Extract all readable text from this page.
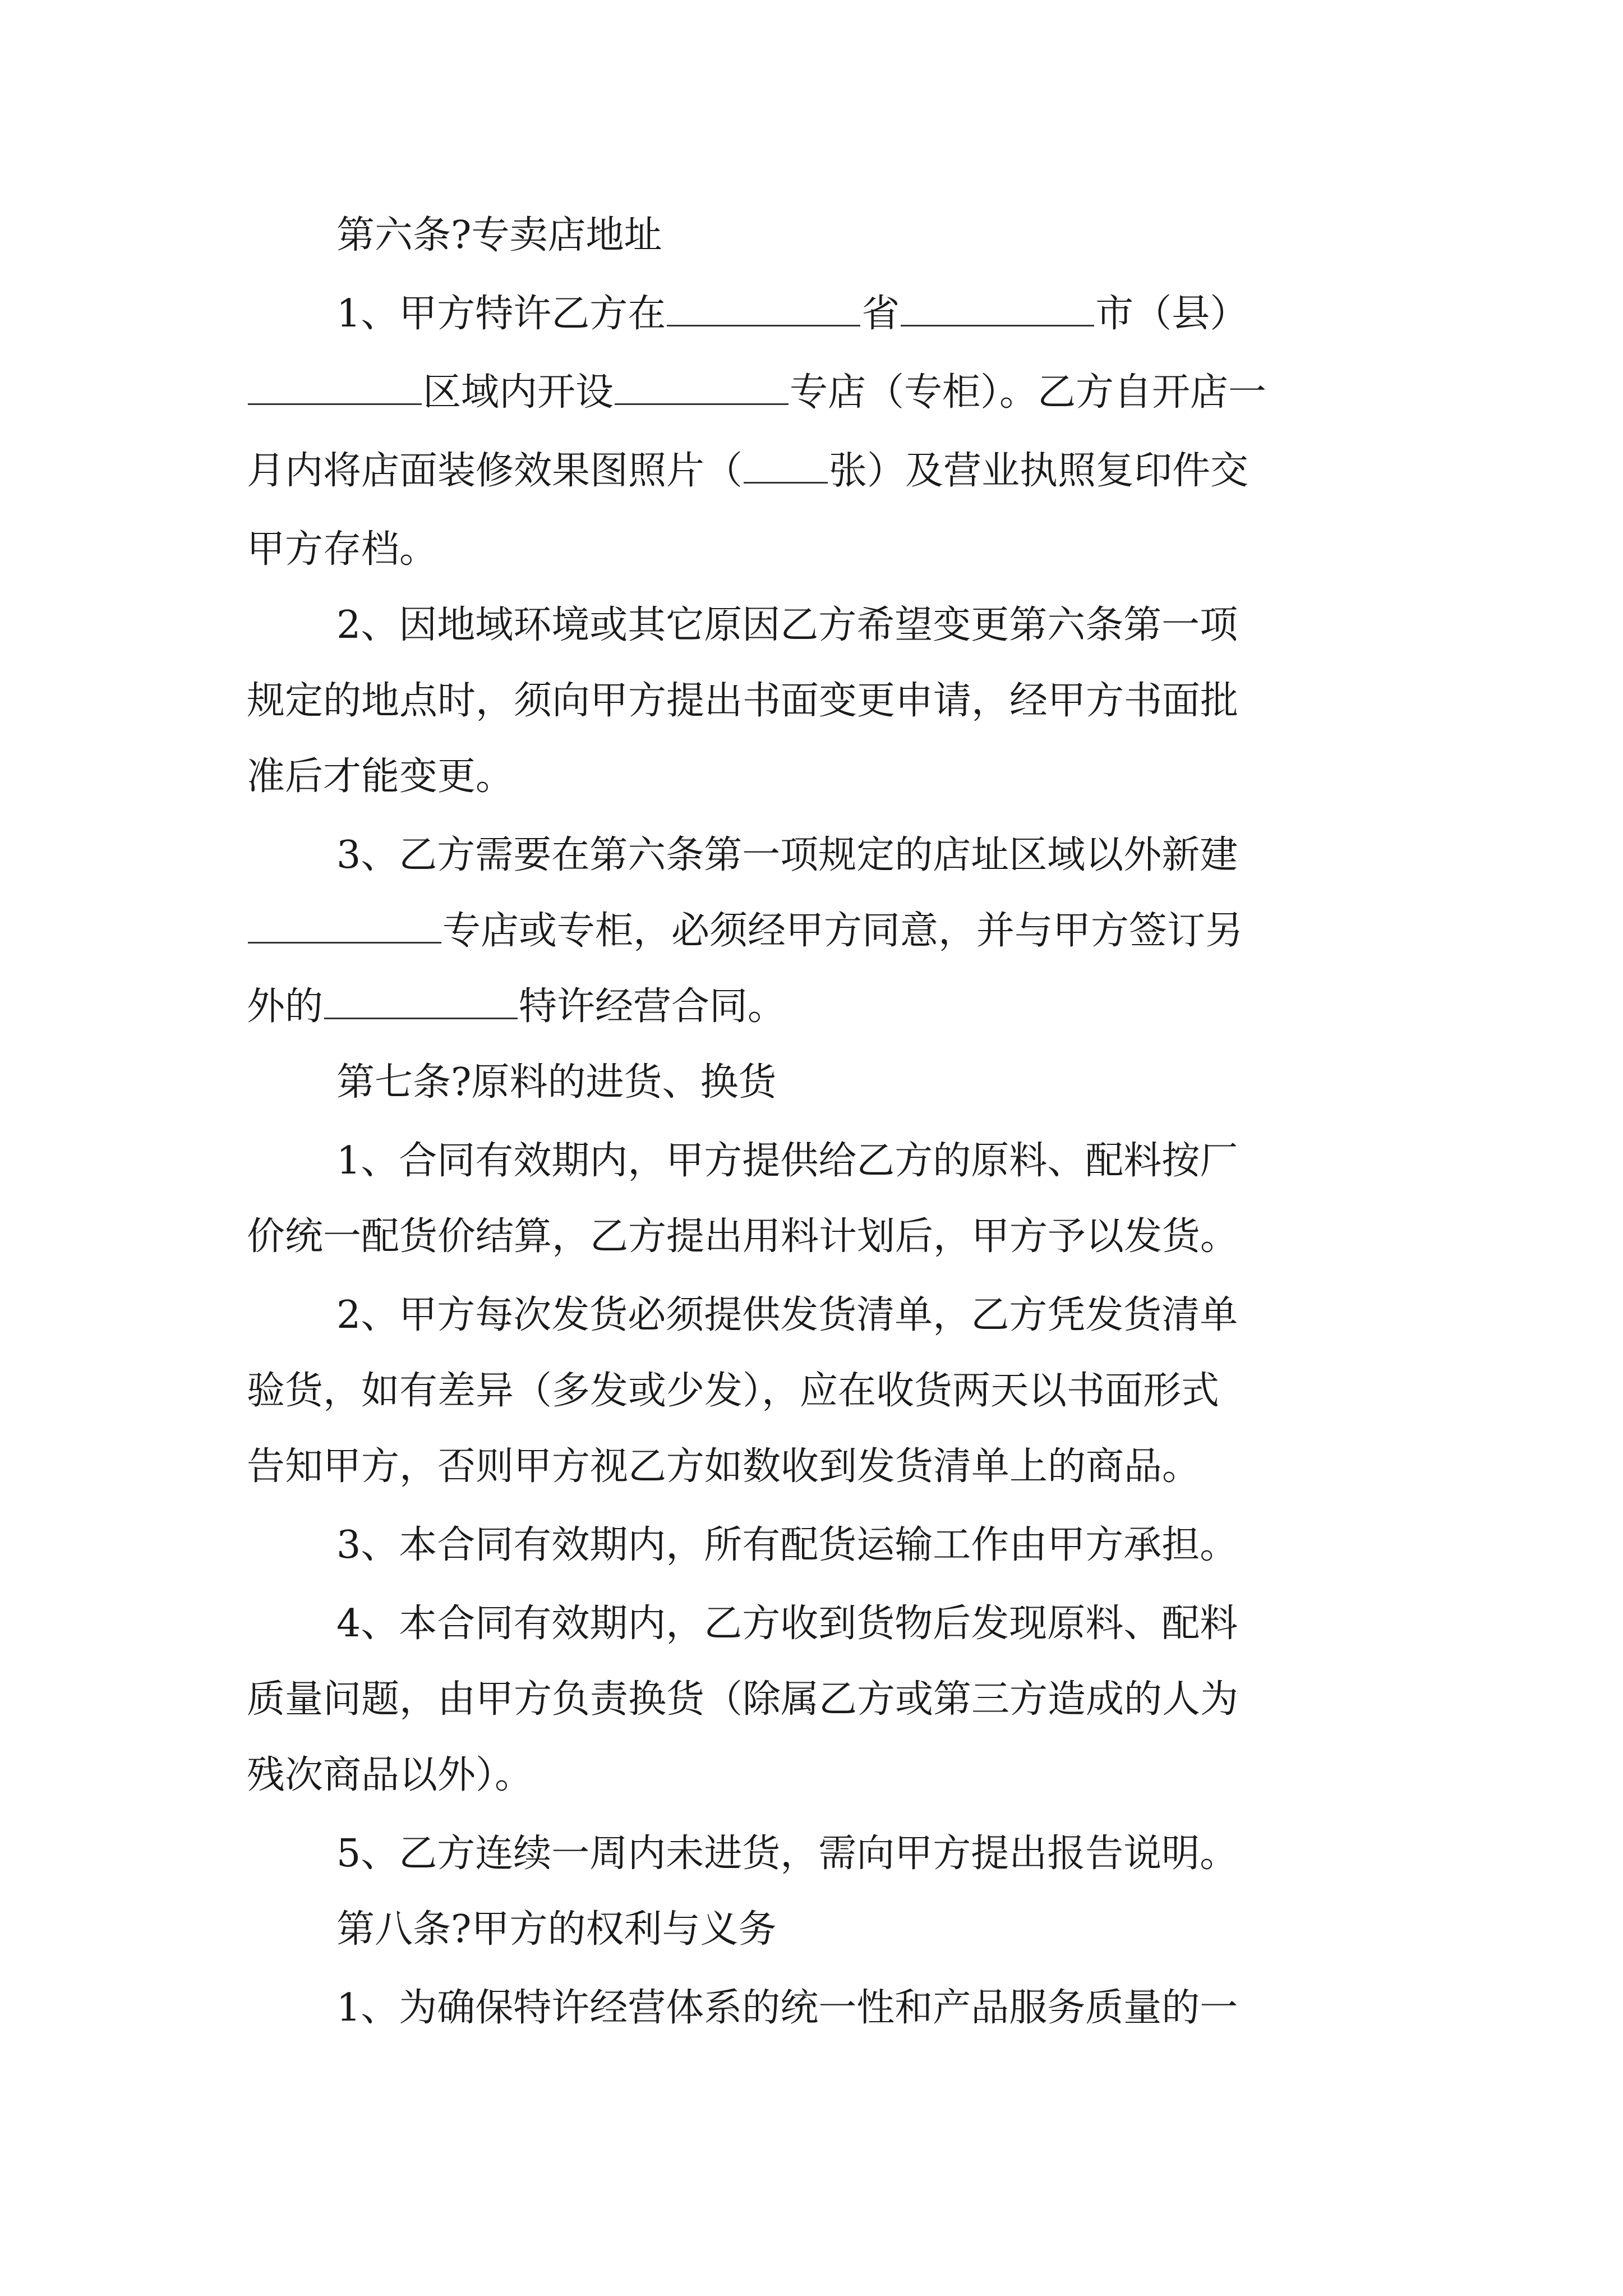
第六条?专卖店地址
1、甲方特许乙方在	省	市（县）
区域内开设	专店（专柜）。乙方自开店一
月内将店面装修效果图照片（ 张）及营业执照复印件交
甲方存档。
2、因地域环境或其它原因乙方希望变更第六条第一项
规定的地点时，须向甲方提出书面变更申请，经甲方书面批
准后才能变更。
3、乙方需要在第六条第一项规定的店址区域以外新建
专店或专柜，必须经甲方同意，并与甲方签订另
外的	特许经营合同。
第七条?原料的进货、换货
1、合同有效期内，甲方提供给乙方的原料、配料按厂
价统一配货价结算，乙方提出用料计划后，甲方予以发货。
2、甲方每次发货必须提供发货清单，乙方凭发货清单
验货，如有差异（多发或少发），应在收货两天以书面形式
告知甲方，否则甲方视乙方如数收到发货清单上的商品。
3、本合同有效期内，所有配货运输工作由甲方承担。
4、本合同有效期内，乙方收到货物后发现原料、配料
质量问题，由甲方负责换货（除属乙方或第三方造成的人为
残次商品以外）。
5、乙方连续一周内未进货，需向甲方提出报告说明。
第八条?甲方的权利与义务
1、为确保特许经营体系的统一性和产品服务质量的一
